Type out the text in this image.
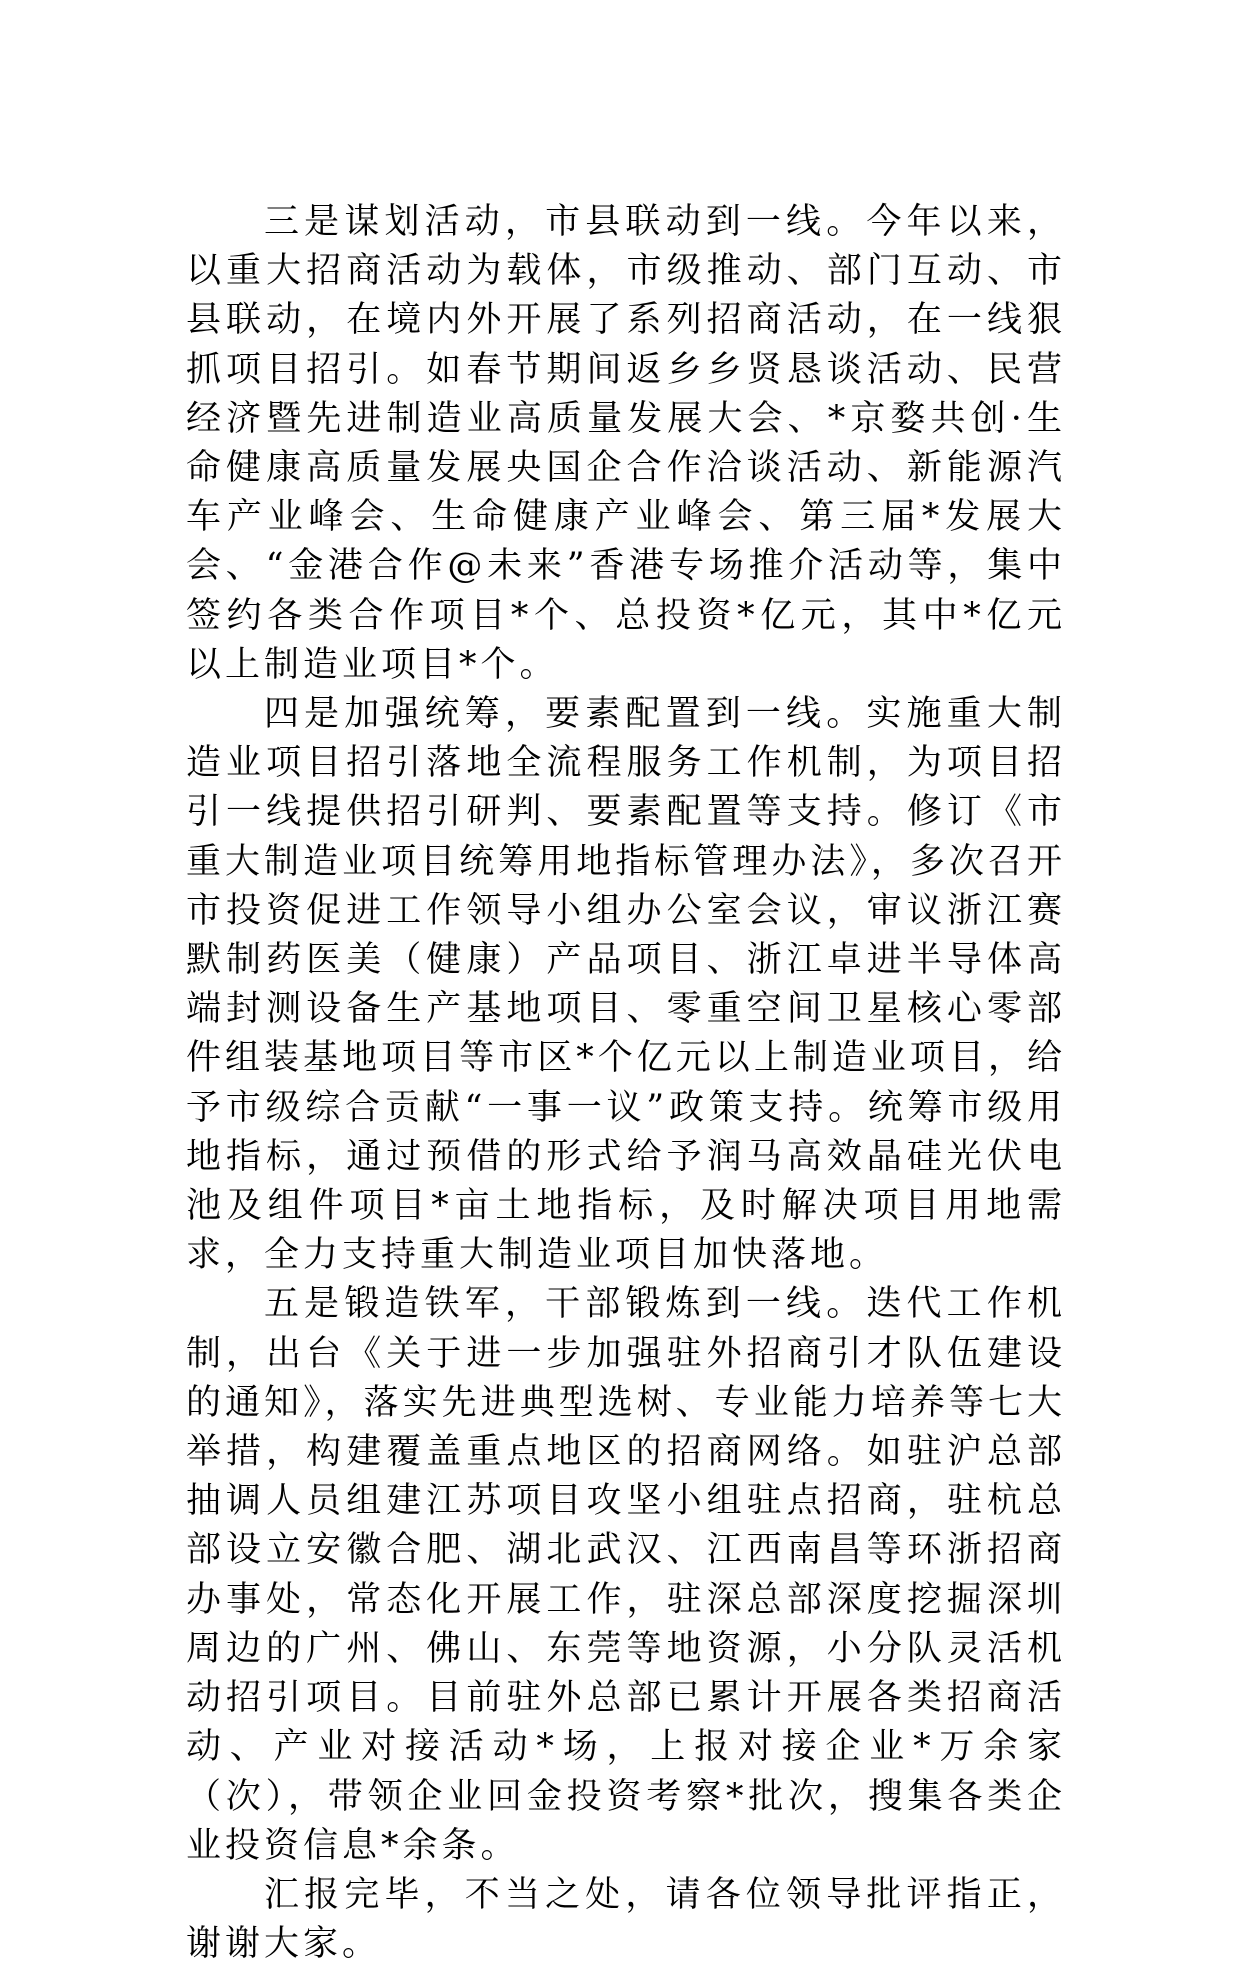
三是谋划活动，市县联动到一线。今年以来，以重大招商活动为载体，市级推动、部门互动、市县联动，在境内外开展了系列招商活动，在一线狠抓项目招引。如春节期间返乡乡贤恳谈活动、民营经济暨先进制造业高质量发展大会、*京婺共创·生命健康高质量发展央国企合作洽谈活动、新能源汽车产业峰会、生命健康产业峰会、第三届*发展大会、“金港合作@未来”香港专场推介活动等，集中签约各类合作项目*个、总投资*亿元，其中*亿元以上制造业项目*个。

四是加强统筹，要素配置到一线。实施重大制造业项目招引落地全流程服务工作机制，为项目招引一线提供招引研判、要素配置等支持。修订《市重大制造业项目统筹用地指标管理办法》，多次召开市投资促进工作领导小组办公室会议，审议浙江赛默制药医美（健康）产品项目、浙江卓进半导体高端封测设备生产基地项目、零重空间卫星核心零部件组装基地项目等市区*个亿元以上制造业项目，给予市级综合贡献“一事一议”政策支持。统筹市级用地指标，通过预借的形式给予润马高效晶硅光伏电池及组件项目*亩土地指标，及时解决项目用地需求，全力支持重大制造业项目加快落地。

五是锻造铁军，干部锻炼到一线。迭代工作机制，出台《关于进一步加强驻外招商引才队伍建设的通知》，落实先进典型选树、专业能力培养等七大举措，构建覆盖重点地区的招商网络。如驻沪总部抽调人员组建江苏项目攻坚小组驻点招商，驻杭总部设立安徽合肥、湖北武汉、江西南昌等环浙招商办事处，常态化开展工作，驻深总部深度挖掘深圳周边的广州、佛山、东莞等地资源，小分队灵活机动招引项目。目前驻外总部已累计开展各类招商活动、产业对接活动*场，上报对接企业*万余家（次），带领企业回金投资考察*批次，搜集各类企业投资信息*余条。

汇报完毕，不当之处，请各位领导批评指正，谢谢大家。
